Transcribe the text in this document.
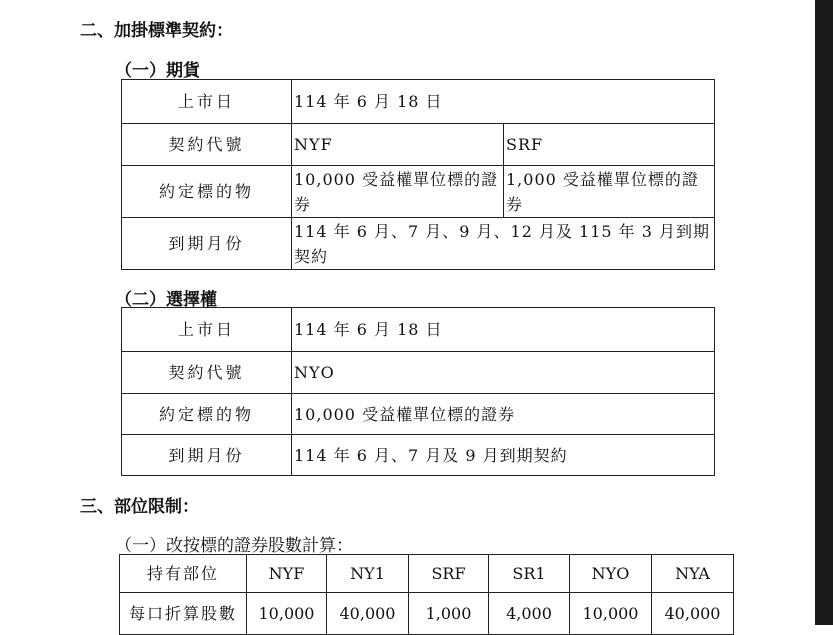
二、加掛標準契約：
（一）期貨
上市日	114 年 6 月 18 日	
契約代號	NYF	SRF
約定標的物	10,000 受益權單位標的證券	1,000 受益權單位標的證券
到期月份	114 年 6 月、7 月、9 月、12 月及 115 年 3 月到期契約	
（二）選擇權
上市日	114 年 6 月 18 日
契約代號	NYO
約定標的物	10,000 受益權單位標的證券
到期月份	114 年 6 月、7 月及 9 月到期契約
三、部位限制：
（一）改按標的證券股數計算：
持有部位	NYF	NY1	SRF	SR1	NYO	NYA
每口折算股數	10,000	40,000	1,000	4,000	10,000	40,000
